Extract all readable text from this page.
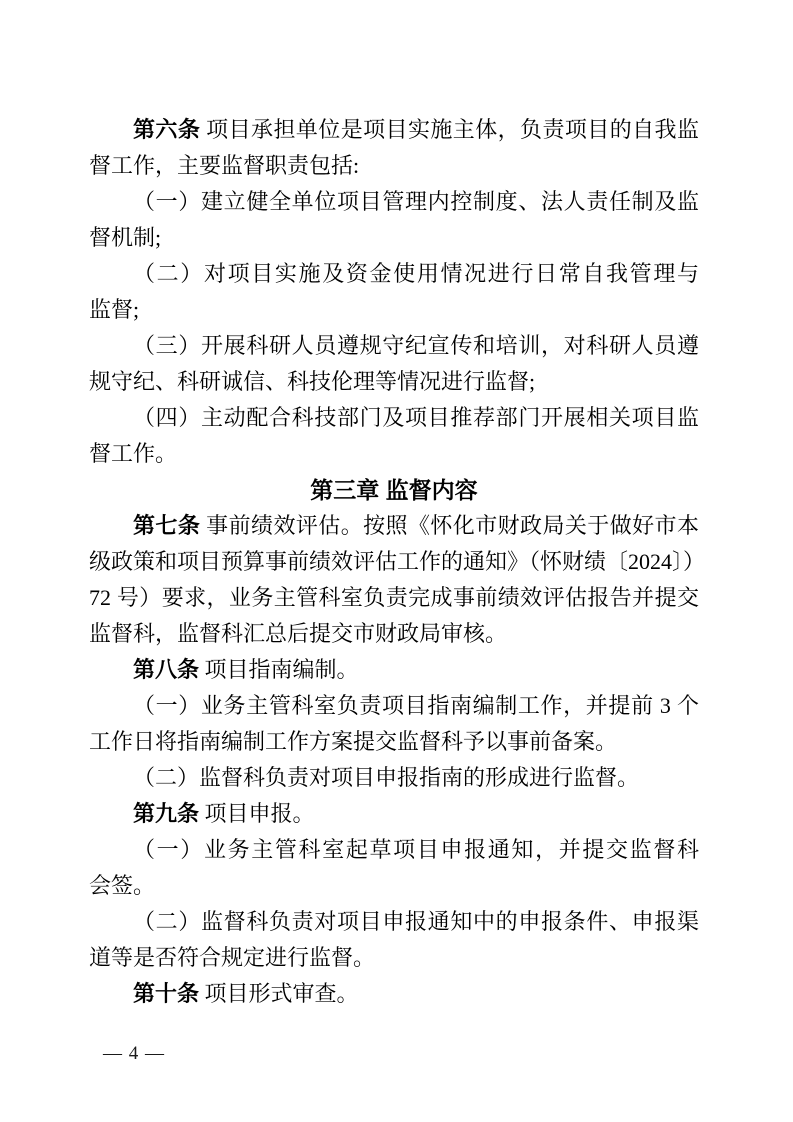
第六条 项目承担单位是项目实施主体，负责项目的自我监
督工作，主要监督职责包括:
（一）建立健全单位项目管理内控制度、法人责任制及监
督机制;
（二）对项目实施及资金使用情况进行日常自我管理与
监督;
（三）开展科研人员遵规守纪宣传和培训，对科研人员遵
规守纪、科研诚信、科技伦理等情况进行监督;
（四）主动配合科技部门及项目推荐部门开展相关项目监
督工作。
第三章 监督内容
第七条 事前绩效评估。按照《怀化市财政局关于做好市本
级政策和项目预算事前绩效评估工作的通知》（怀财绩〔2024〕）
72 号）要求，业务主管科室负责完成事前绩效评估报告并提交
监督科，监督科汇总后提交市财政局审核。
第八条 项目指南编制。
（一）业务主管科室负责项目指南编制工作，并提前 3 个
工作日将指南编制工作方案提交监督科予以事前备案。
（二）监督科负责对项目申报指南的形成进行监督。
第九条 项目申报。
（一）业务主管科室起草项目申报通知，并提交监督科
会签。
（二）监督科负责对项目申报通知中的申报条件、申报渠
道等是否符合规定进行监督。
第十条 项目形式审查。
— 4 —
